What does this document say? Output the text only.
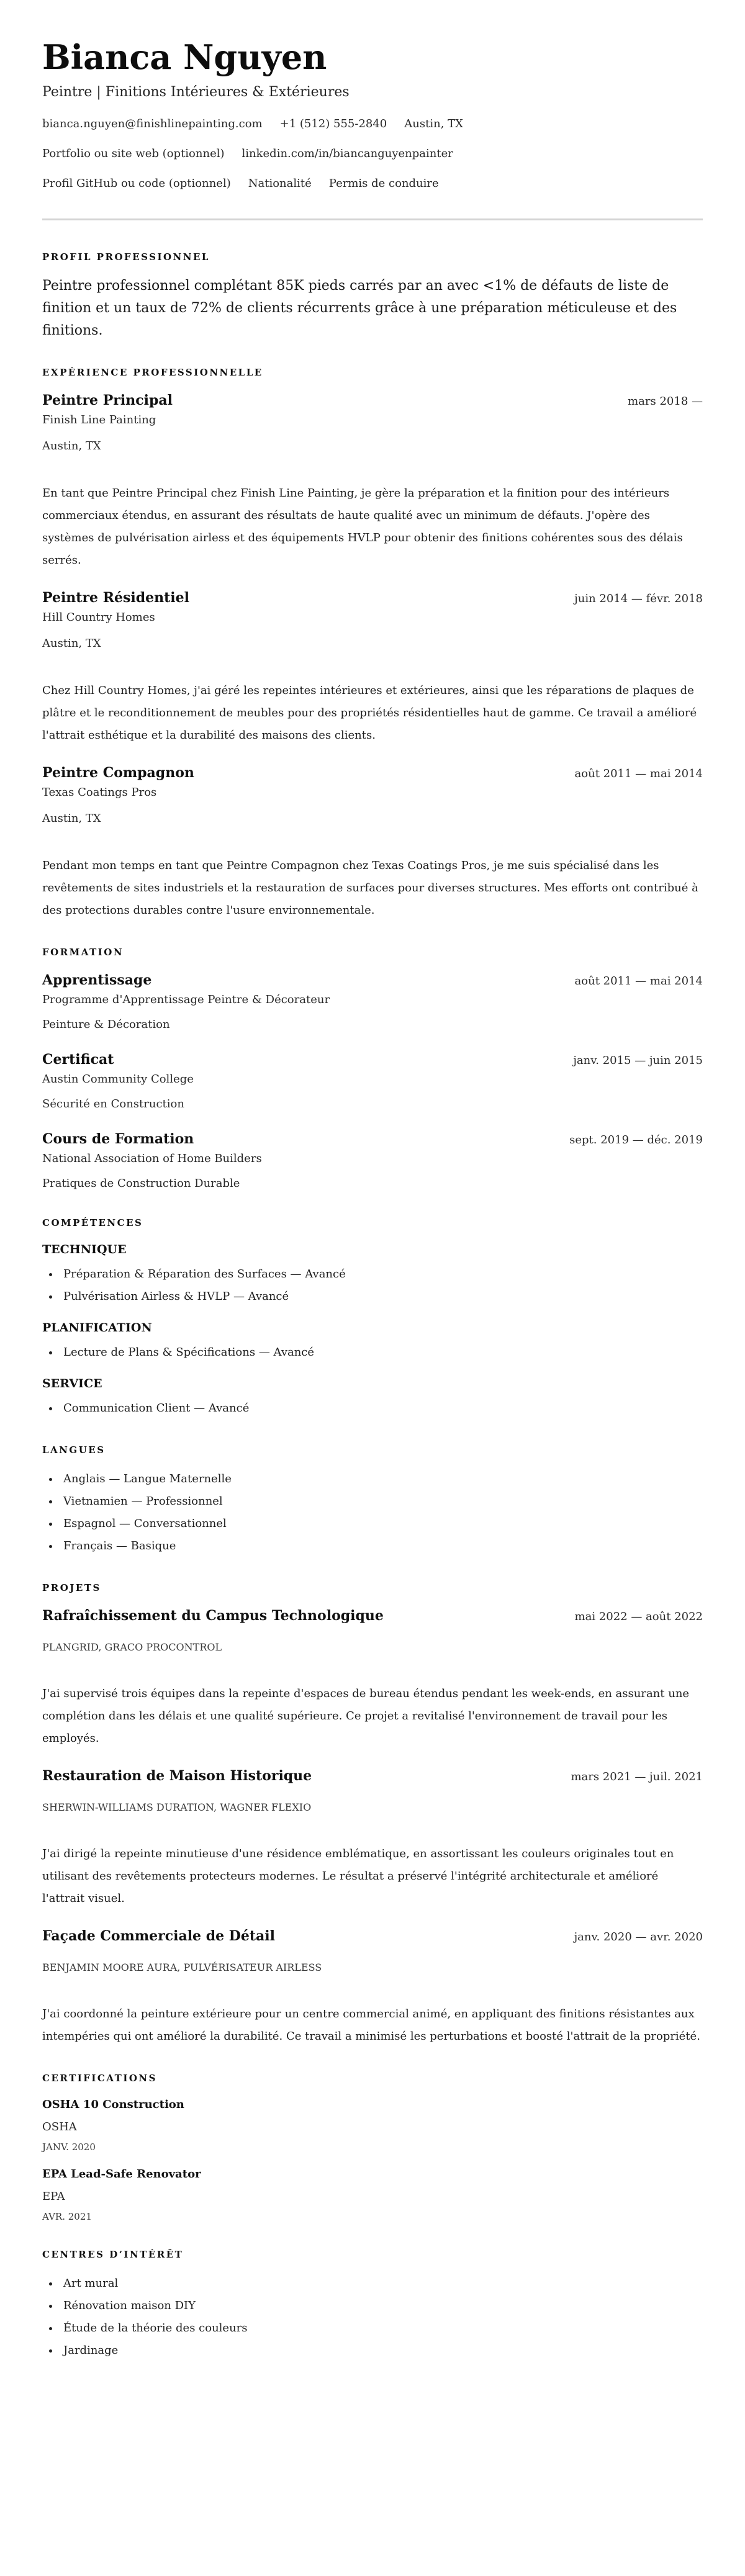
Bianca Nguyen
Peintre | Finitions Intérieures & Extérieures
bianca.nguyen@finishlinepainting.com +1 (512) 555-2840 Austin, TX
Portfolio ou site web (optionnel) linkedin.com/in/biancanguyenpainter
Profil GitHub ou code (optionnel) Nationalité Permis de conduire
PROFIL PROFESSIONNEL

Peintre professionnel complétant 85K pieds carrés par an avec <1% de défauts de liste de finition et un taux de 72% de clients récurrents grâce à une préparation méticuleuse et des finitions.

EXPÉRIENCE PROFESSIONNELLE
Peintre Principal	mars 2018 —
Finish Line Painting
Austin, TX

En tant que Peintre Principal chez Finish Line Painting, je gère la préparation et la finition pour des intérieurs commerciaux étendus, en assurant des résultats de haute qualité avec un minimum de défauts. J'opère des systèmes de pulvérisation airless et des équipements HVLP pour obtenir des finitions cohérentes sous des délais serrés.

Peintre Résidentiel	juin 2014 — févr. 2018
Hill Country Homes
Austin, TX

Chez Hill Country Homes, j'ai géré les repeintes intérieures et extérieures, ainsi que les réparations de plaques de plâtre et le reconditionnement de meubles pour des propriétés résidentielles haut de gamme. Ce travail a amélioré l'attrait esthétique et la durabilité des maisons des clients.

Peintre Compagnon	août 2011 — mai 2014
Texas Coatings Pros
Austin, TX

Pendant mon temps en tant que Peintre Compagnon chez Texas Coatings Pros, je me suis spécialisé dans les revêtements de sites industriels et la restauration de surfaces pour diverses structures. Mes efforts ont contribué à des protections durables contre l'usure environnementale.

FORMATION
Apprentissage	août 2011 — mai 2014
Programme d'Apprentissage Peintre & Décorateur
Peinture & Décoration
Certificat	janv. 2015 — juin 2015
Austin Community College
Sécurité en Construction
Cours de Formation	sept. 2019 — déc. 2019
National Association of Home Builders
Pratiques de Construction Durable
COMPÉTENCES
TECHNIQUE
• Préparation & Réparation des Surfaces — Avancé
• Pulvérisation Airless & HVLP — Avancé
PLANIFICATION
• Lecture de Plans & Spécifications — Avancé
SERVICE
• Communication Client — Avancé
LANGUES
• Anglais — Langue Maternelle
• Vietnamien — Professionnel
• Espagnol — Conversationnel
• Français — Basique
PROJETS
Rafraîchissement du Campus Technologique	mai 2022 — août 2022
PLANGRID, GRACO PROCONTROL

J'ai supervisé trois équipes dans la repeinte d'espaces de bureau étendus pendant les week-ends, en assurant une complétion dans les délais et une qualité supérieure. Ce projet a revitalisé l'environnement de travail pour les employés.

Restauration de Maison Historique	mars 2021 — juil. 2021
SHERWIN-WILLIAMS DURATION, WAGNER FLEXIO

J'ai dirigé la repeinte minutieuse d'une résidence emblématique, en assortissant les couleurs originales tout en utilisant des revêtements protecteurs modernes. Le résultat a préservé l'intégrité architecturale et amélioré l'attrait visuel.

Façade Commerciale de Détail	janv. 2020 — avr. 2020
BENJAMIN MOORE AURA, PULVÉRISATEUR AIRLESS

J'ai coordonné la peinture extérieure pour un centre commercial animé, en appliquant des finitions résistantes aux intempéries qui ont amélioré la durabilité. Ce travail a minimisé les perturbations et boosté l'attrait de la propriété.

CERTIFICATIONS
OSHA 10 Construction
OSHA
JANV. 2020
EPA Lead-Safe Renovator
EPA
AVR. 2021
CENTRES D’INTÉRÊT
• Art mural
• Rénovation maison DIY
• Étude de la théorie des couleurs
• Jardinage
